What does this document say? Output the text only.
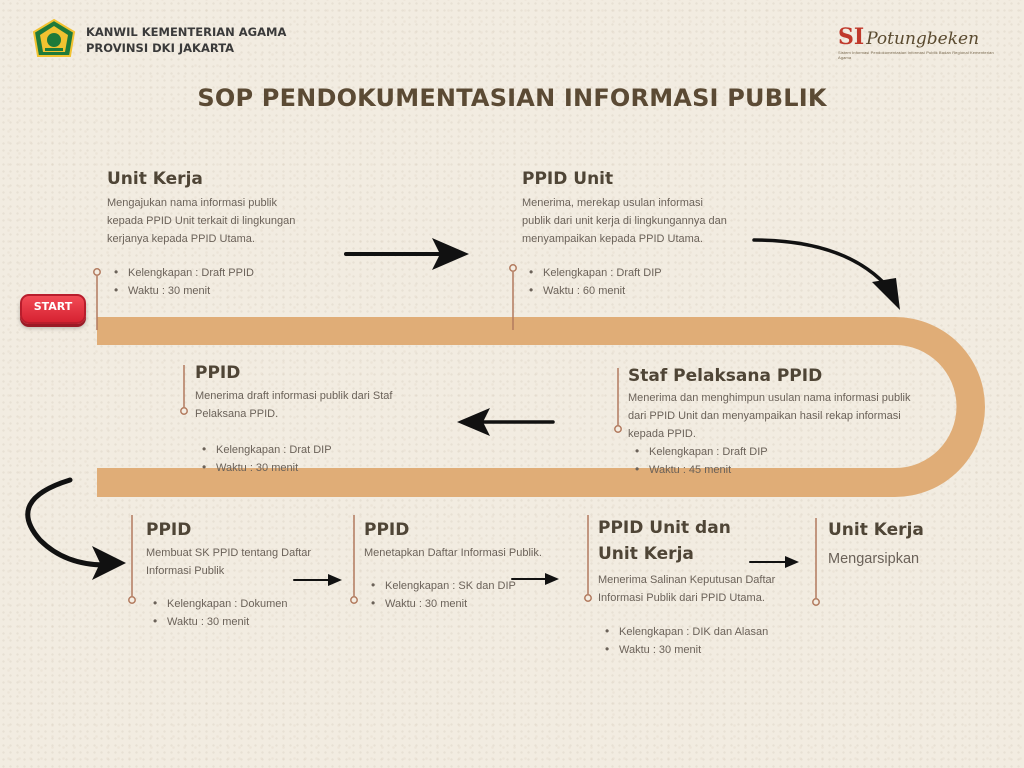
KANWIL KEMENTERIAN AGAMA
PROVINSI DKI JAKARTA	SI Potungbeken
Sistem Informasi Pendokumentasian Informasi Publik Badan Regional Kementerian Agama
SOP PENDOKUMENTASIAN INFORMASI PUBLIK
START
Unit Kerja

Mengajukan nama informasi publik kepada PPID Unit terkait di lingkungan kerjanya kepada PPID Utama.

• Kelengkapan : Draft PPID
• Waktu : 30 menit
PPID Unit

Menerima, merekap usulan informasi publik dari unit kerja di lingkungannya dan menyampaikan kepada PPID Utama.

• Kelengkapan : Draft DIP
• Waktu : 60 menit
Staf Pelaksana PPID

Menerima dan menghimpun usulan nama informasi publik dari PPID Unit dan menyampaikan hasil rekap informasi kepada PPID.

• Kelengkapan : Draft DIP
• Waktu : 45 menit
PPID

Menerima draft informasi publik dari Staf Pelaksana PPID.

• Kelengkapan : Drat DIP
• Waktu : 30 menit
PPID

Membuat SK PPID tentang Daftar Informasi Publik

• Kelengkapan : Dokumen
• Waktu : 30 menit
PPID

Menetapkan Daftar Informasi Publik.

• Kelengkapan : SK dan DIP
• Waktu : 30 menit
PPID Unit dan
Unit Kerja

Menerima Salinan Keputusan Daftar Informasi Publik dari PPID Utama.

• Kelengkapan : DIK dan Alasan
• Waktu : 30 menit
Unit Kerja
Mengarsipkan
